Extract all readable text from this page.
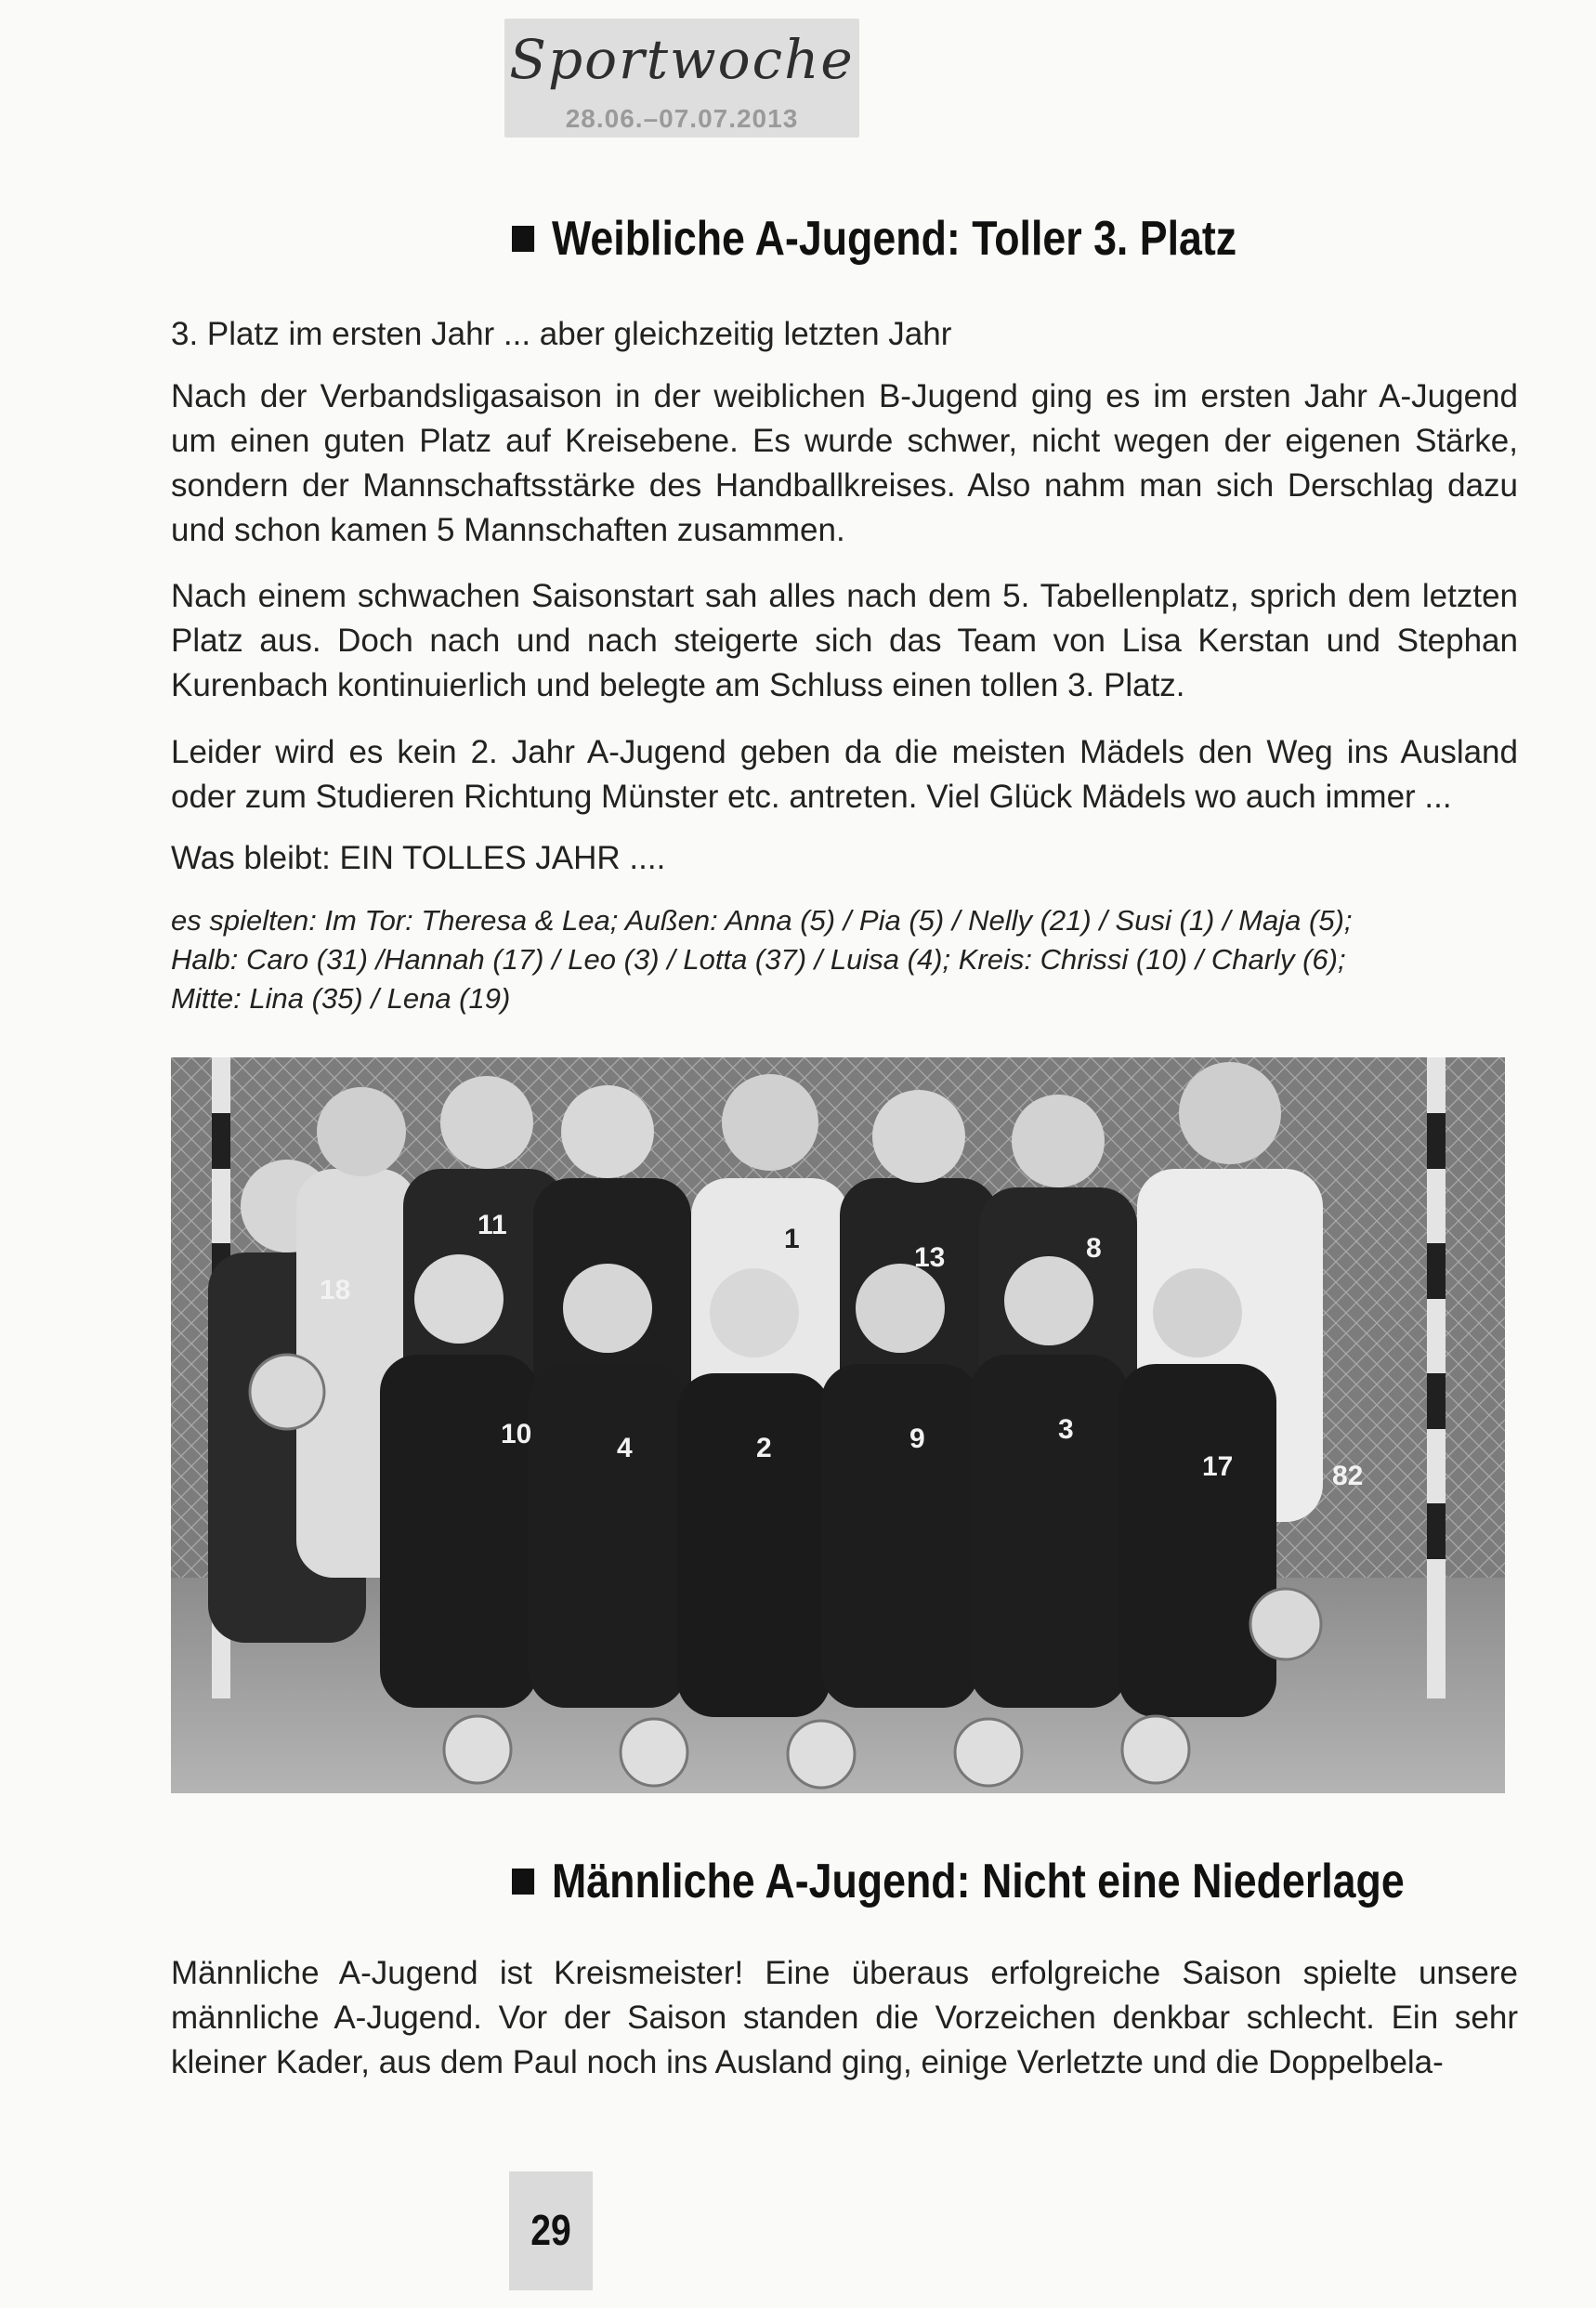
Sportwoche
28.06.–07.07.2013
Weibliche A-Jugend: Toller 3. Platz
3. Platz im ersten Jahr ... aber gleichzeitig letzten Jahr
Nach der Verbandsligasaison in der weiblichen B-Jugend ging es im ersten Jahr A-Jugend um einen guten Platz auf Kreisebene. Es wurde schwer, nicht wegen der eigenen Stärke, sondern der Mannschaftsstärke des Handballkreises. Also nahm man sich Derschlag dazu und schon kamen 5 Mannschaften zusammen.
Nach einem schwachen Saisonstart sah alles nach dem 5. Tabellenplatz, sprich dem letzten Platz aus. Doch nach und nach steigerte sich das Team von Lisa Kerstan und Stephan Kurenbach kontinuierlich und belegte am Schluss einen tollen 3. Platz.
Leider wird es kein 2. Jahr A-Jugend geben da die meisten Mädels den Weg ins Ausland oder zum Studieren Richtung Münster etc. antreten. Viel Glück Mädels wo auch immer ...
Was bleibt: EIN TOLLES JAHR ....
es spielten: Im Tor: Theresa & Lea; Außen: Anna (5) / Pia (5) / Nelly (21) / Susi (1) / Maja (5);
Halb: Caro (31) /Hannah (17) / Leo (3) / Lotta (37) / Luisa (4); Kreis: Chrissi (10) / Charly (6);
Mitte: Lina (35) / Lena (19)
11	1
13	8
18
10	4	2	9	3
17	82
Männliche A-Jugend: Nicht eine Niederlage
Männliche A-Jugend ist Kreismeister! Eine überaus erfolgreiche Saison spielte unsere männliche A-Jugend. Vor der Saison standen die Vorzeichen denkbar schlecht. Ein sehr kleiner Kader, aus dem Paul noch ins Ausland ging, einige Verletzte und die Doppelbela-
29
